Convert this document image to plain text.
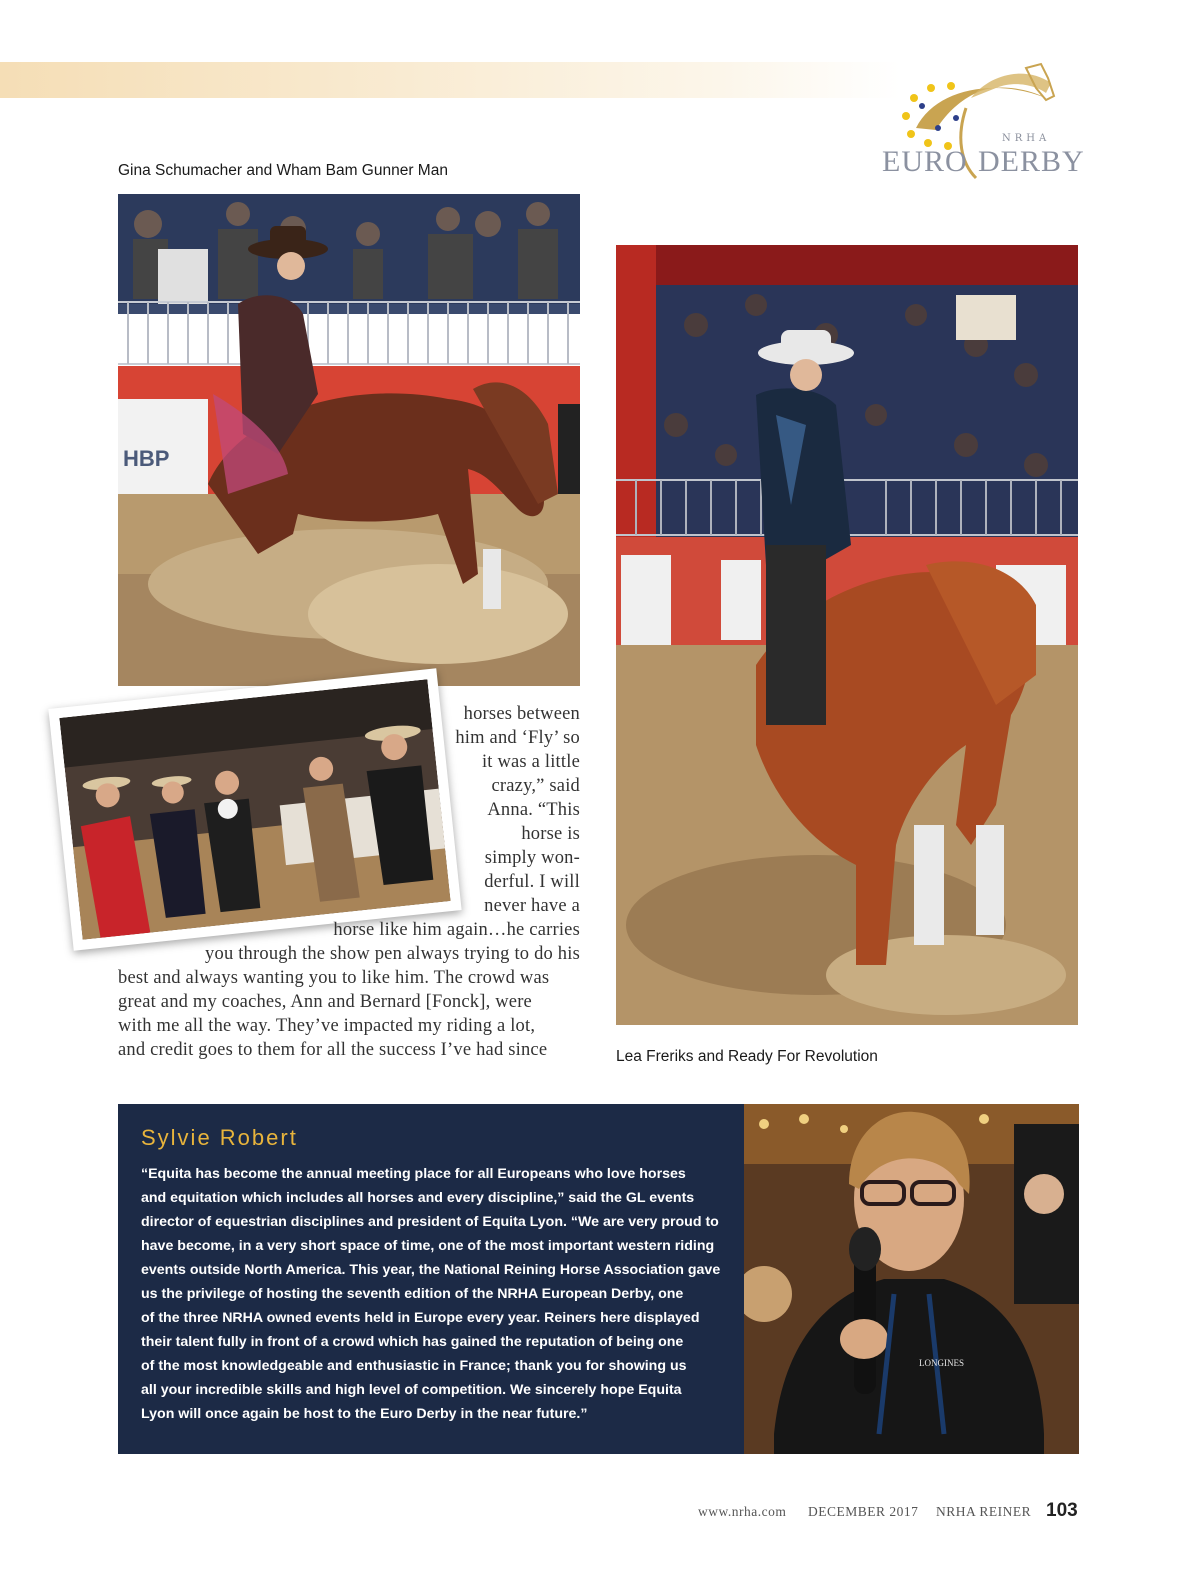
NRHA
EURO DERBY
Gina Schumacher and Wham Bam Gunner Man
HBP
Lea Freriks and Ready For Revolution
horses between
him and ‘Fly’ so
it was a little
crazy,” said
Anna. “This
horse is
simply won-
derful. I will
never have a
horse like him again…he carries
you through the show pen always trying to do his
best and always wanting you to like him. The crowd was
great and my coaches, Ann and Bernard [Fonck], were
with me all the way. They’ve impacted my riding a lot,
and credit goes to them for all the success I’ve had since
Sylvie Robert
“Equita has become the annual meeting place for all Europeans who love horses
and equitation which includes all horses and every discipline,” said the GL events
director of equestrian disciplines and president of Equita Lyon. “We are very proud to
have become, in a very short space of time, one of the most important western riding
events outside North America. This year, the National Reining Horse Association gave
us the privilege of hosting the seventh edition of the NRHA European Derby, one
of the three NRHA owned events held in Europe every year. Reiners here displayed
their talent fully in front of a crowd which has gained the reputation of being one
of the most knowledgeable and enthusiastic in France; thank you for showing us
all your incredible skills and high level of competition. We sincerely hope Equita
Lyon will once again be host to the Euro Derby in the near future.”
LONGINES
www.nrha.com DECEMBER 2017 NRHA REINER 103
